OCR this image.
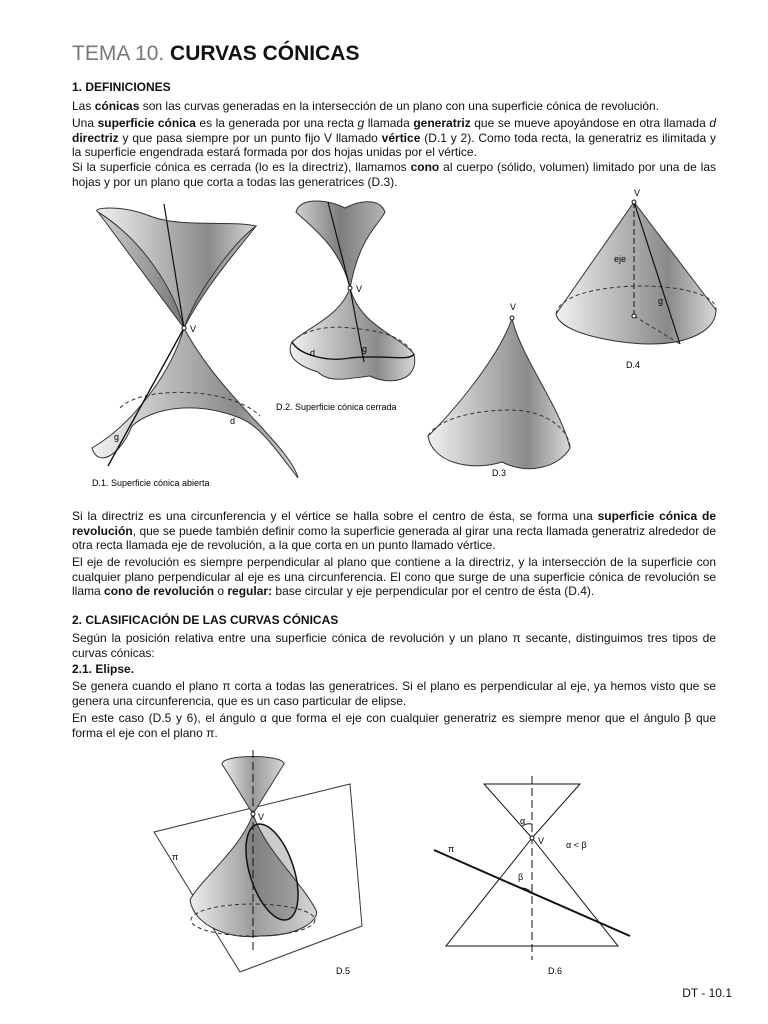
TEMA 10. CURVAS CÓNICAS
1. DEFINICIONES

Las cónicas son las curvas generadas en la intersección de un plano con una superficie cónica de revolución.

Una superficie cónica es la generada por una recta g llamada generatriz que se mueve apoyándose en otra llamada d directriz y que pasa siempre por un punto fijo V llamado vértice (D.1 y 2). Como toda recta, la generatriz es ilimitada y la superficie engendrada estará formada por dos hojas unidas por el vértice.

Si la superficie cónica es cerrada (lo es la directriz), llamamos cono al cuerpo (sólido, volumen) limitado por una de las hojas y por un plano que corta a todas las generatrices (D.3).

V
g
d
D.1. Superficie cónica abierta
V
d	g
D.2. Superficie cónica cerrada
V
D.3
V
eje
g
D.4

Si la directriz es una circunferencia y el vértice se halla sobre el centro de ésta, se forma una superficie cónica de revolución, que se puede también definir como la superficie generada al girar una recta llamada generatriz alrededor de otra recta llamada eje de revolución, a la que corta en un punto llamado vértice.

El eje de revolución es siempre perpendicular al plano que contiene a la directriz, y la intersección de la superficie con cualquier plano perpendicular al eje es una circunferencia. El cono que surge de una superficie cónica de revolución se llama cono de revolución o regular: base circular y eje perpendicular por el centro de ésta (D.4).

2. CLASIFICACIÓN DE LAS CURVAS CÓNICAS

Según la posición relativa entre una superficie cónica de revolución y un plano π secante, distinguimos tres tipos de curvas cónicas:

2.1. Elipse.

Se genera cuando el plano π corta a todas las generatrices. Si el plano es perpendicular al eje, ya hemos visto que se genera una circunferencia, que es un caso particular de elipse.

En este caso (D.5 y 6), el ángulo α que forma el eje con cualquier generatriz es siempre menor que el ángulo β que forma el eje con el plano π.

V
π
D.5
V
π
α
β
α < β
D.6
DT - 10.1
